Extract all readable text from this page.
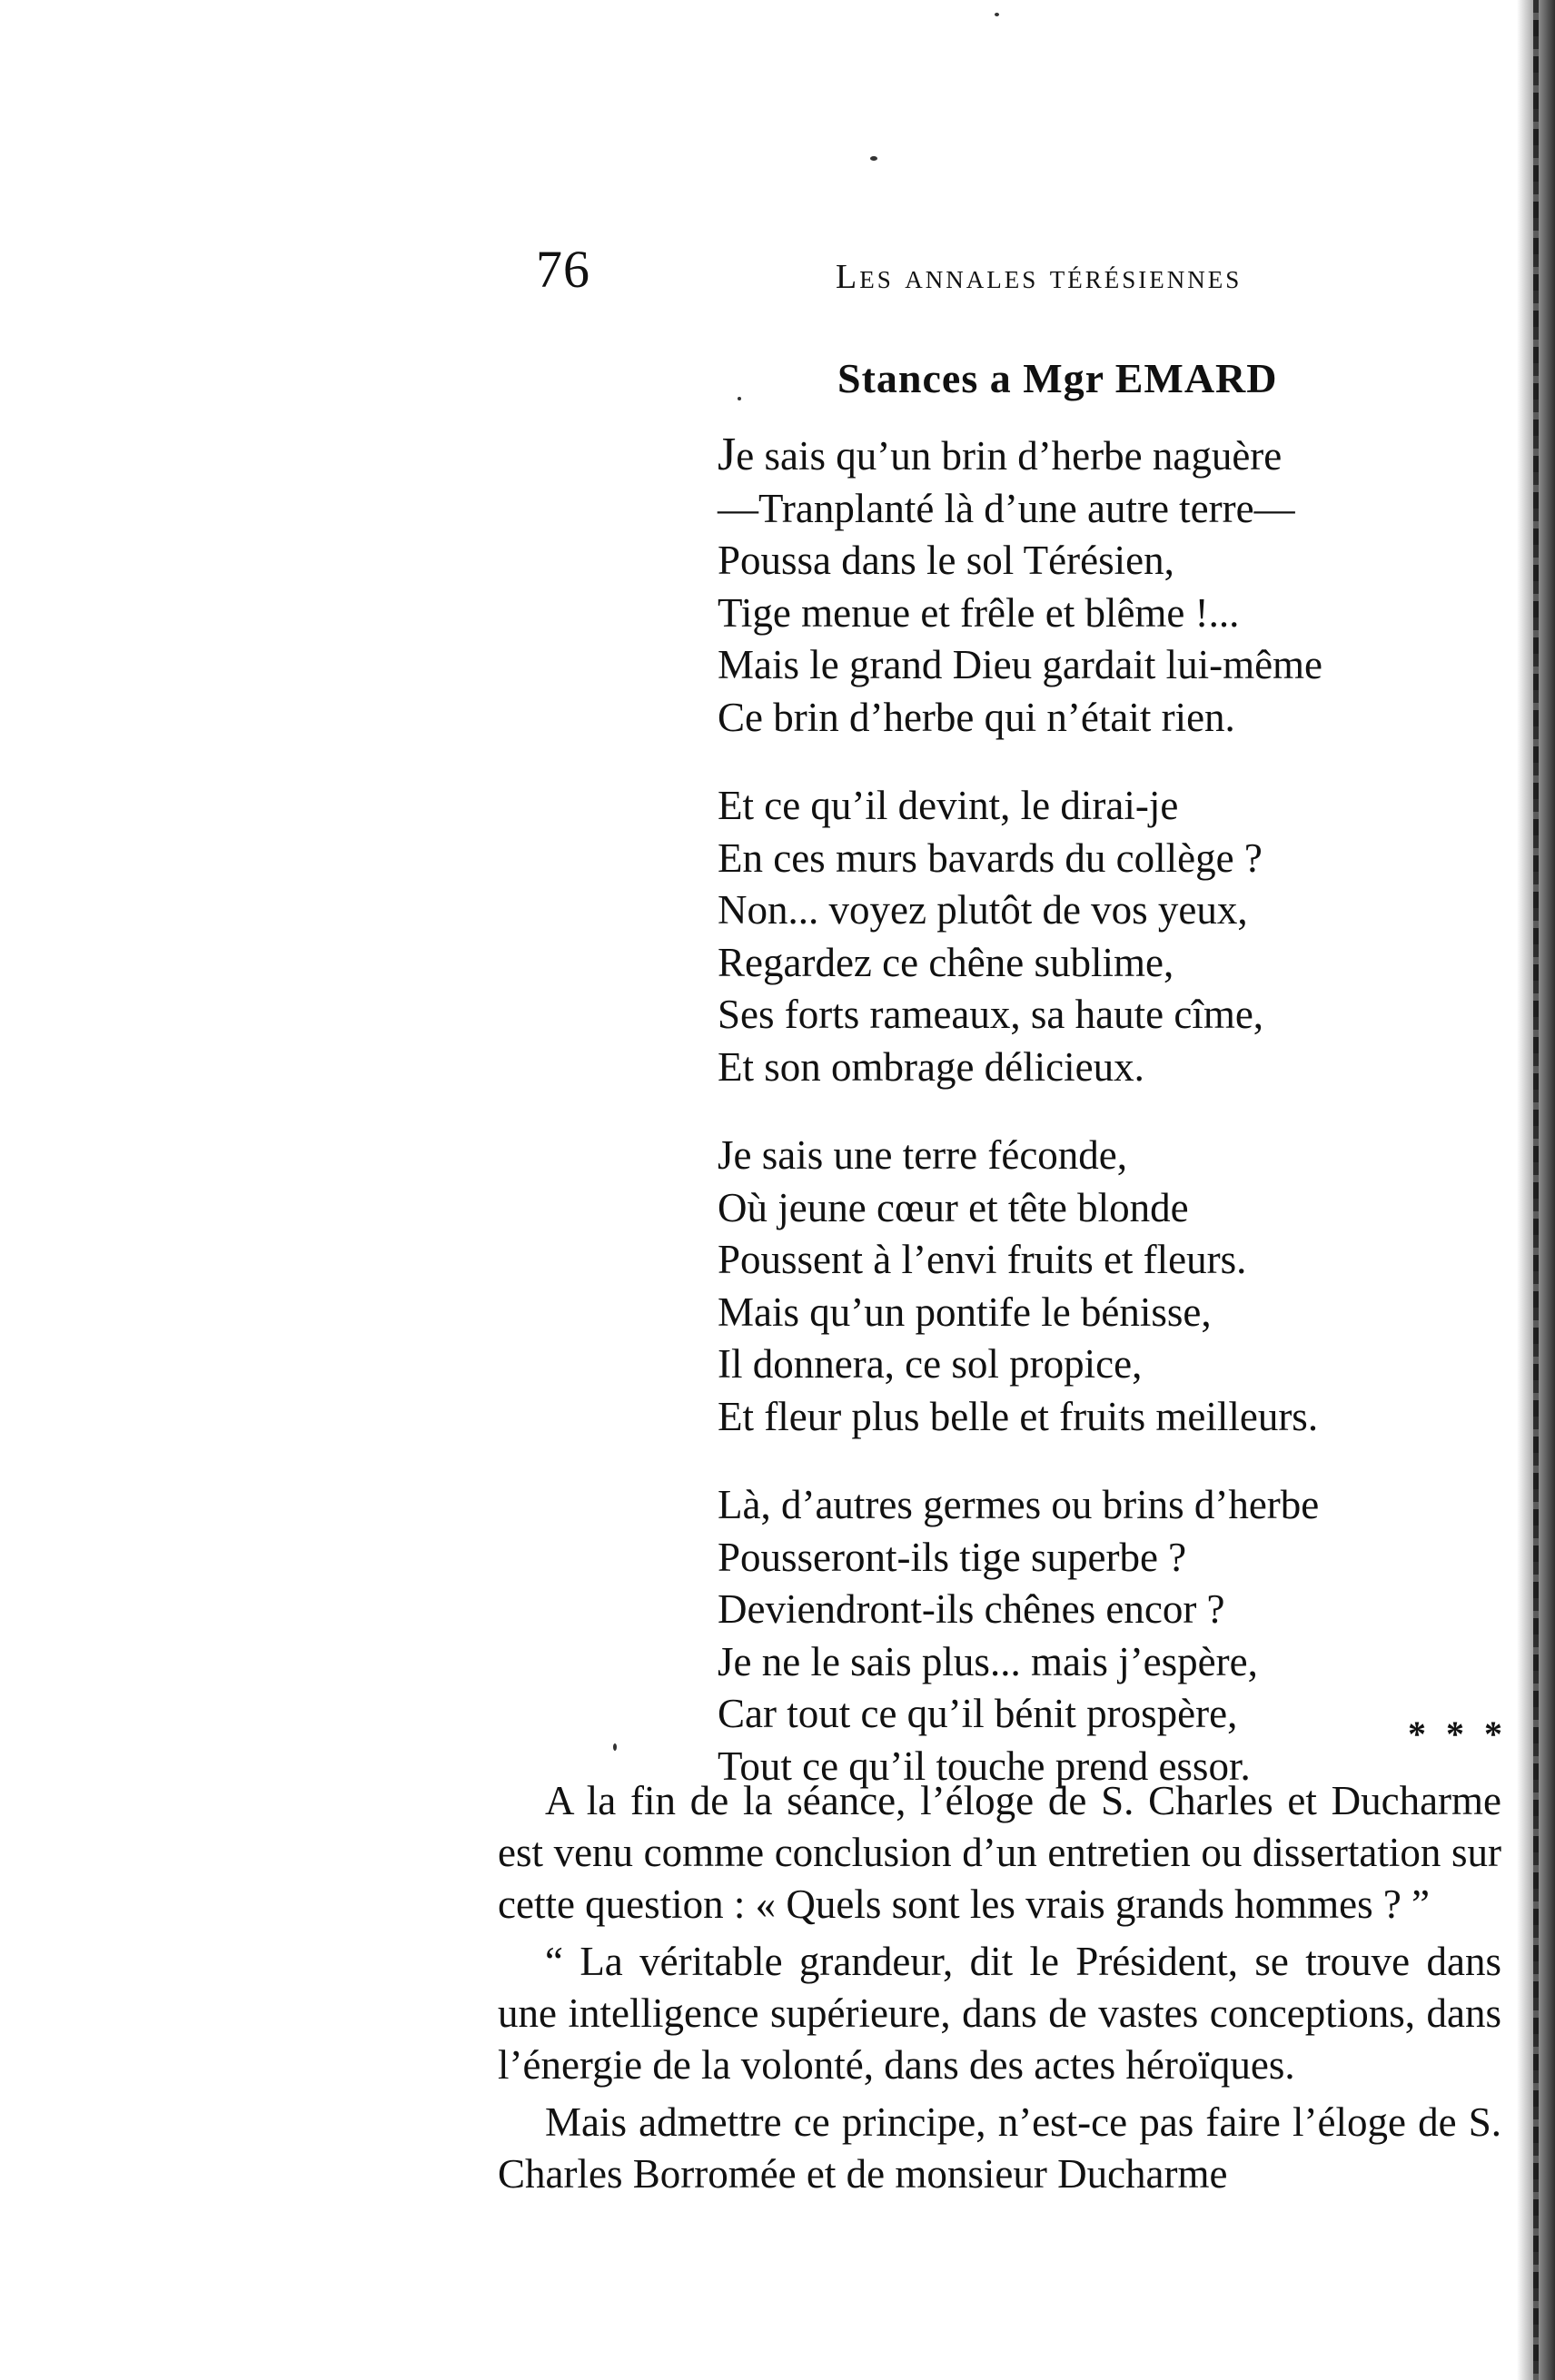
76	les annales térésiennes
Stances a Mgr EMARD
Je sais qu’un brin d’herbe naguère
—Tranplanté là d’une autre terre—
Poussa dans le sol Térésien,
Tige menue et frêle et blême !...
Mais le grand Dieu gardait lui-même
Ce brin d’herbe qui n’était rien.
Et ce qu’il devint, le dirai-je
En ces murs bavards du collège ?
Non... voyez plutôt de vos yeux,
Regardez ce chêne sublime,
Ses forts rameaux, sa haute cîme,
Et son ombrage délicieux.
Je sais une terre féconde,
Où jeune cœur et tête blonde
Poussent à l’envi fruits et fleurs.
Mais qu’un pontife le bénisse,
Il donnera, ce sol propice,
Et fleur plus belle et fruits meilleurs.
Là, d’autres germes ou brins d’herbe
Pousseront-ils tige superbe ?
Deviendront-ils chênes encor ?
Je ne le sais plus... mais j’espère,
Car tout ce qu’il bénit prospère,
Tout ce qu’il touche prend essor.
* * *

A la fin de la séance, l’éloge de S. Charles et Ducharme est venu comme conclusion d’un entretien ou dissertation sur cette question : « Quels sont les vrais grands hommes ? ”

“ La véritable grandeur, dit le Président, se trouve dans une intelligence supérieure, dans de vastes conceptions, dans l’énergie de la volonté, dans des actes héroïques.

Mais admettre ce principe, n’est-ce pas faire l’éloge de S. Charles Borromée et de monsieur Ducharme
